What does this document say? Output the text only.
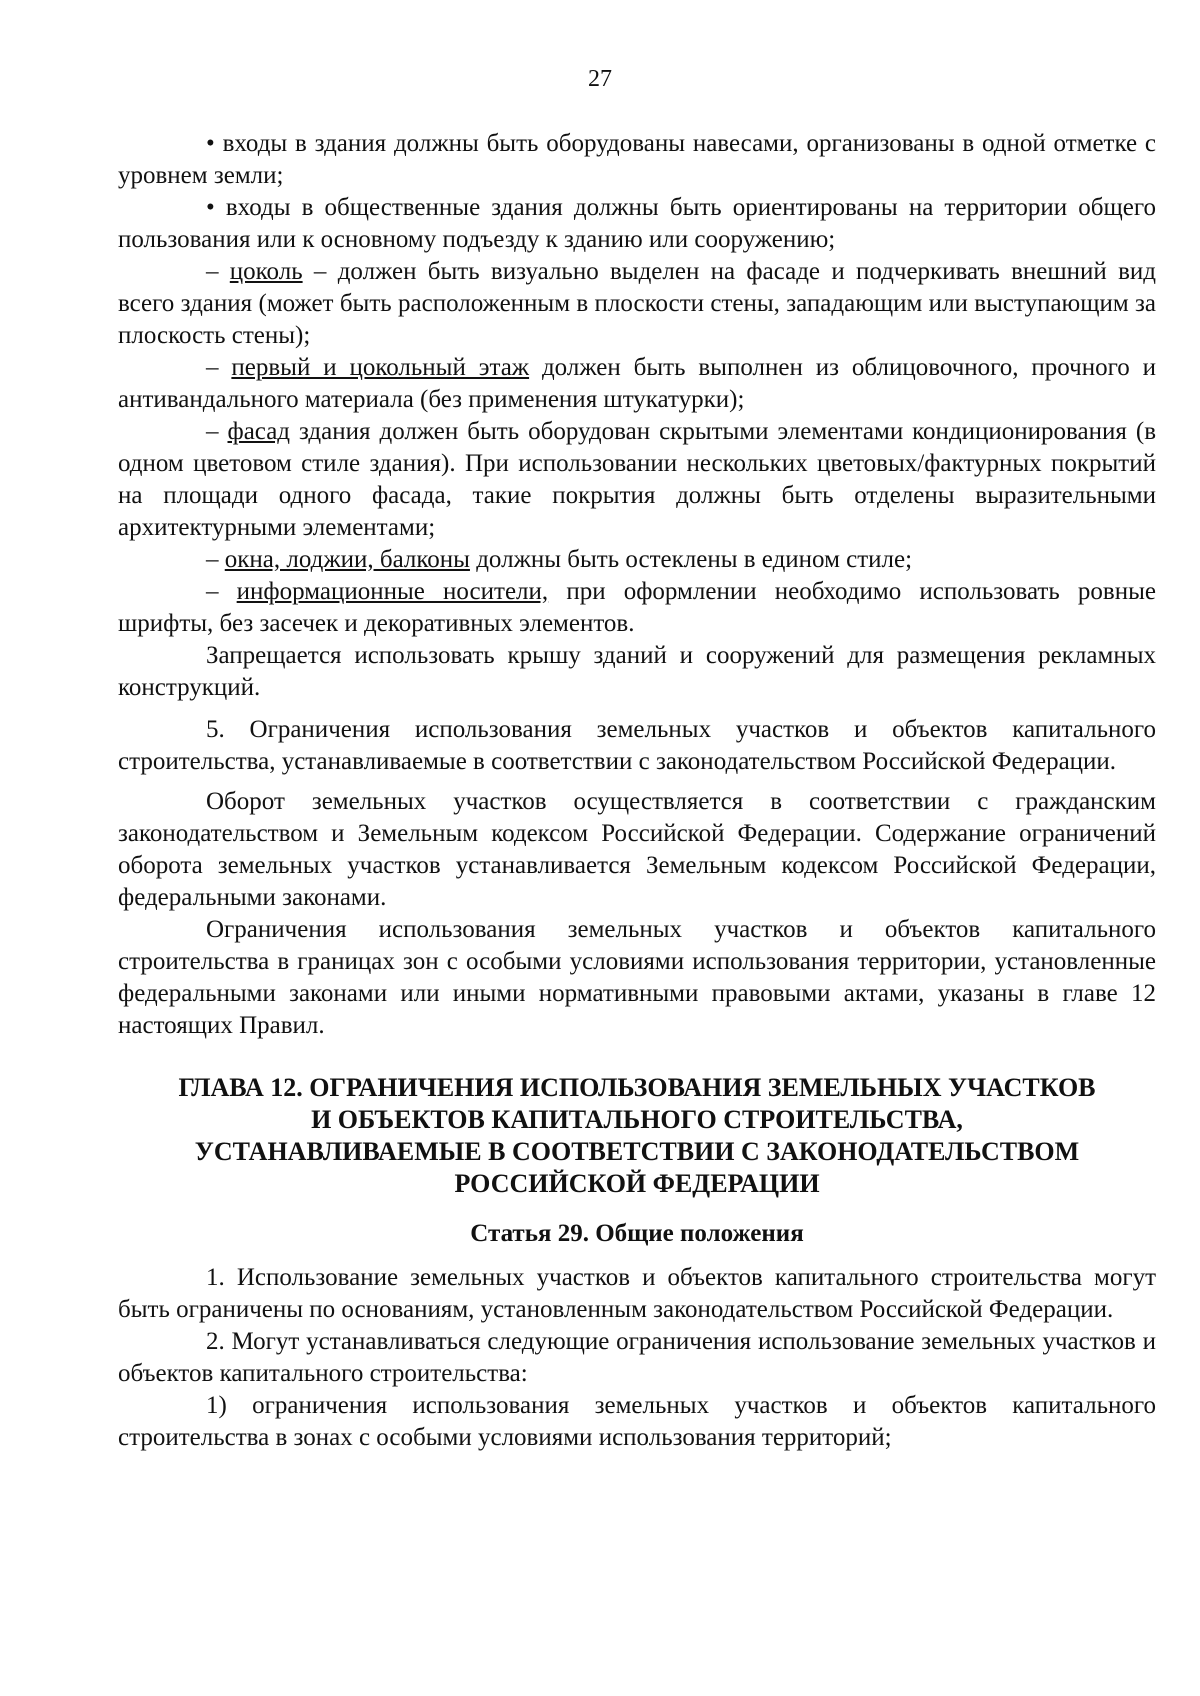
27

• входы в здания должны быть оборудованы навесами, организованы в одной отметке с уровнем земли;

• входы в общественные здания должны быть ориентированы на территории общего пользования или к основному подъезду к зданию или сооружению;

– цоколь – должен быть визуально выделен на фасаде и подчеркивать внешний вид всего здания (может быть расположенным в плоскости стены, западающим или выступающим за плоскость стены);

– первый и цокольный этаж должен быть выполнен из облицовочного, прочного и антивандального материала (без применения штукатурки);

– фасад здания должен быть оборудован скрытыми элементами кондиционирования (в одном цветовом стиле здания). При использовании нескольких цветовых/фактурных покрытий на площади одного фасада, такие покрытия должны быть отделены выразительными архитектурными элементами;

– окна, лоджии, балконы должны быть остеклены в едином стиле;

– информационные носители, при оформлении необходимо использовать ровные шрифты, без засечек и декоративных элементов.

Запрещается использовать крышу зданий и сооружений для размещения рекламных конструкций.

5. Ограничения использования земельных участков и объектов капитального строительства, устанавливаемые в соответствии с законодательством Российской Федерации.

Оборот земельных участков осуществляется в соответствии с гражданским законодательством и Земельным кодексом Российской Федерации. Содержание ограничений оборота земельных участков устанавливается Земельным кодексом Российской Федерации, федеральными законами.

Ограничения использования земельных участков и объектов капитального строительства в границах зон с особыми условиями использования территории, установленные федеральными законами или иными нормативными правовыми актами, указаны в главе 12 настоящих Правил.

ГЛАВА 12. ОГРАНИЧЕНИЯ ИСПОЛЬЗОВАНИЯ ЗЕМЕЛЬНЫХ УЧАСТКОВ
И ОБЪЕКТОВ КАПИТАЛЬНОГО СТРОИТЕЛЬСТВА,
УСТАНАВЛИВАЕМЫЕ В СООТВЕТСТВИИ С ЗАКОНОДАТЕЛЬСТВОМ
РОССИЙСКОЙ ФЕДЕРАЦИИ
Статья 29. Общие положения

1. Использование земельных участков и объектов капитального строительства могут быть ограничены по основаниям, установленным законодательством Российской Федерации.

2. Могут устанавливаться следующие ограничения использование земельных участков и объектов капитального строительства:

1) ограничения использования земельных участков и объектов капитального строительства в зонах с особыми условиями использования территорий;
